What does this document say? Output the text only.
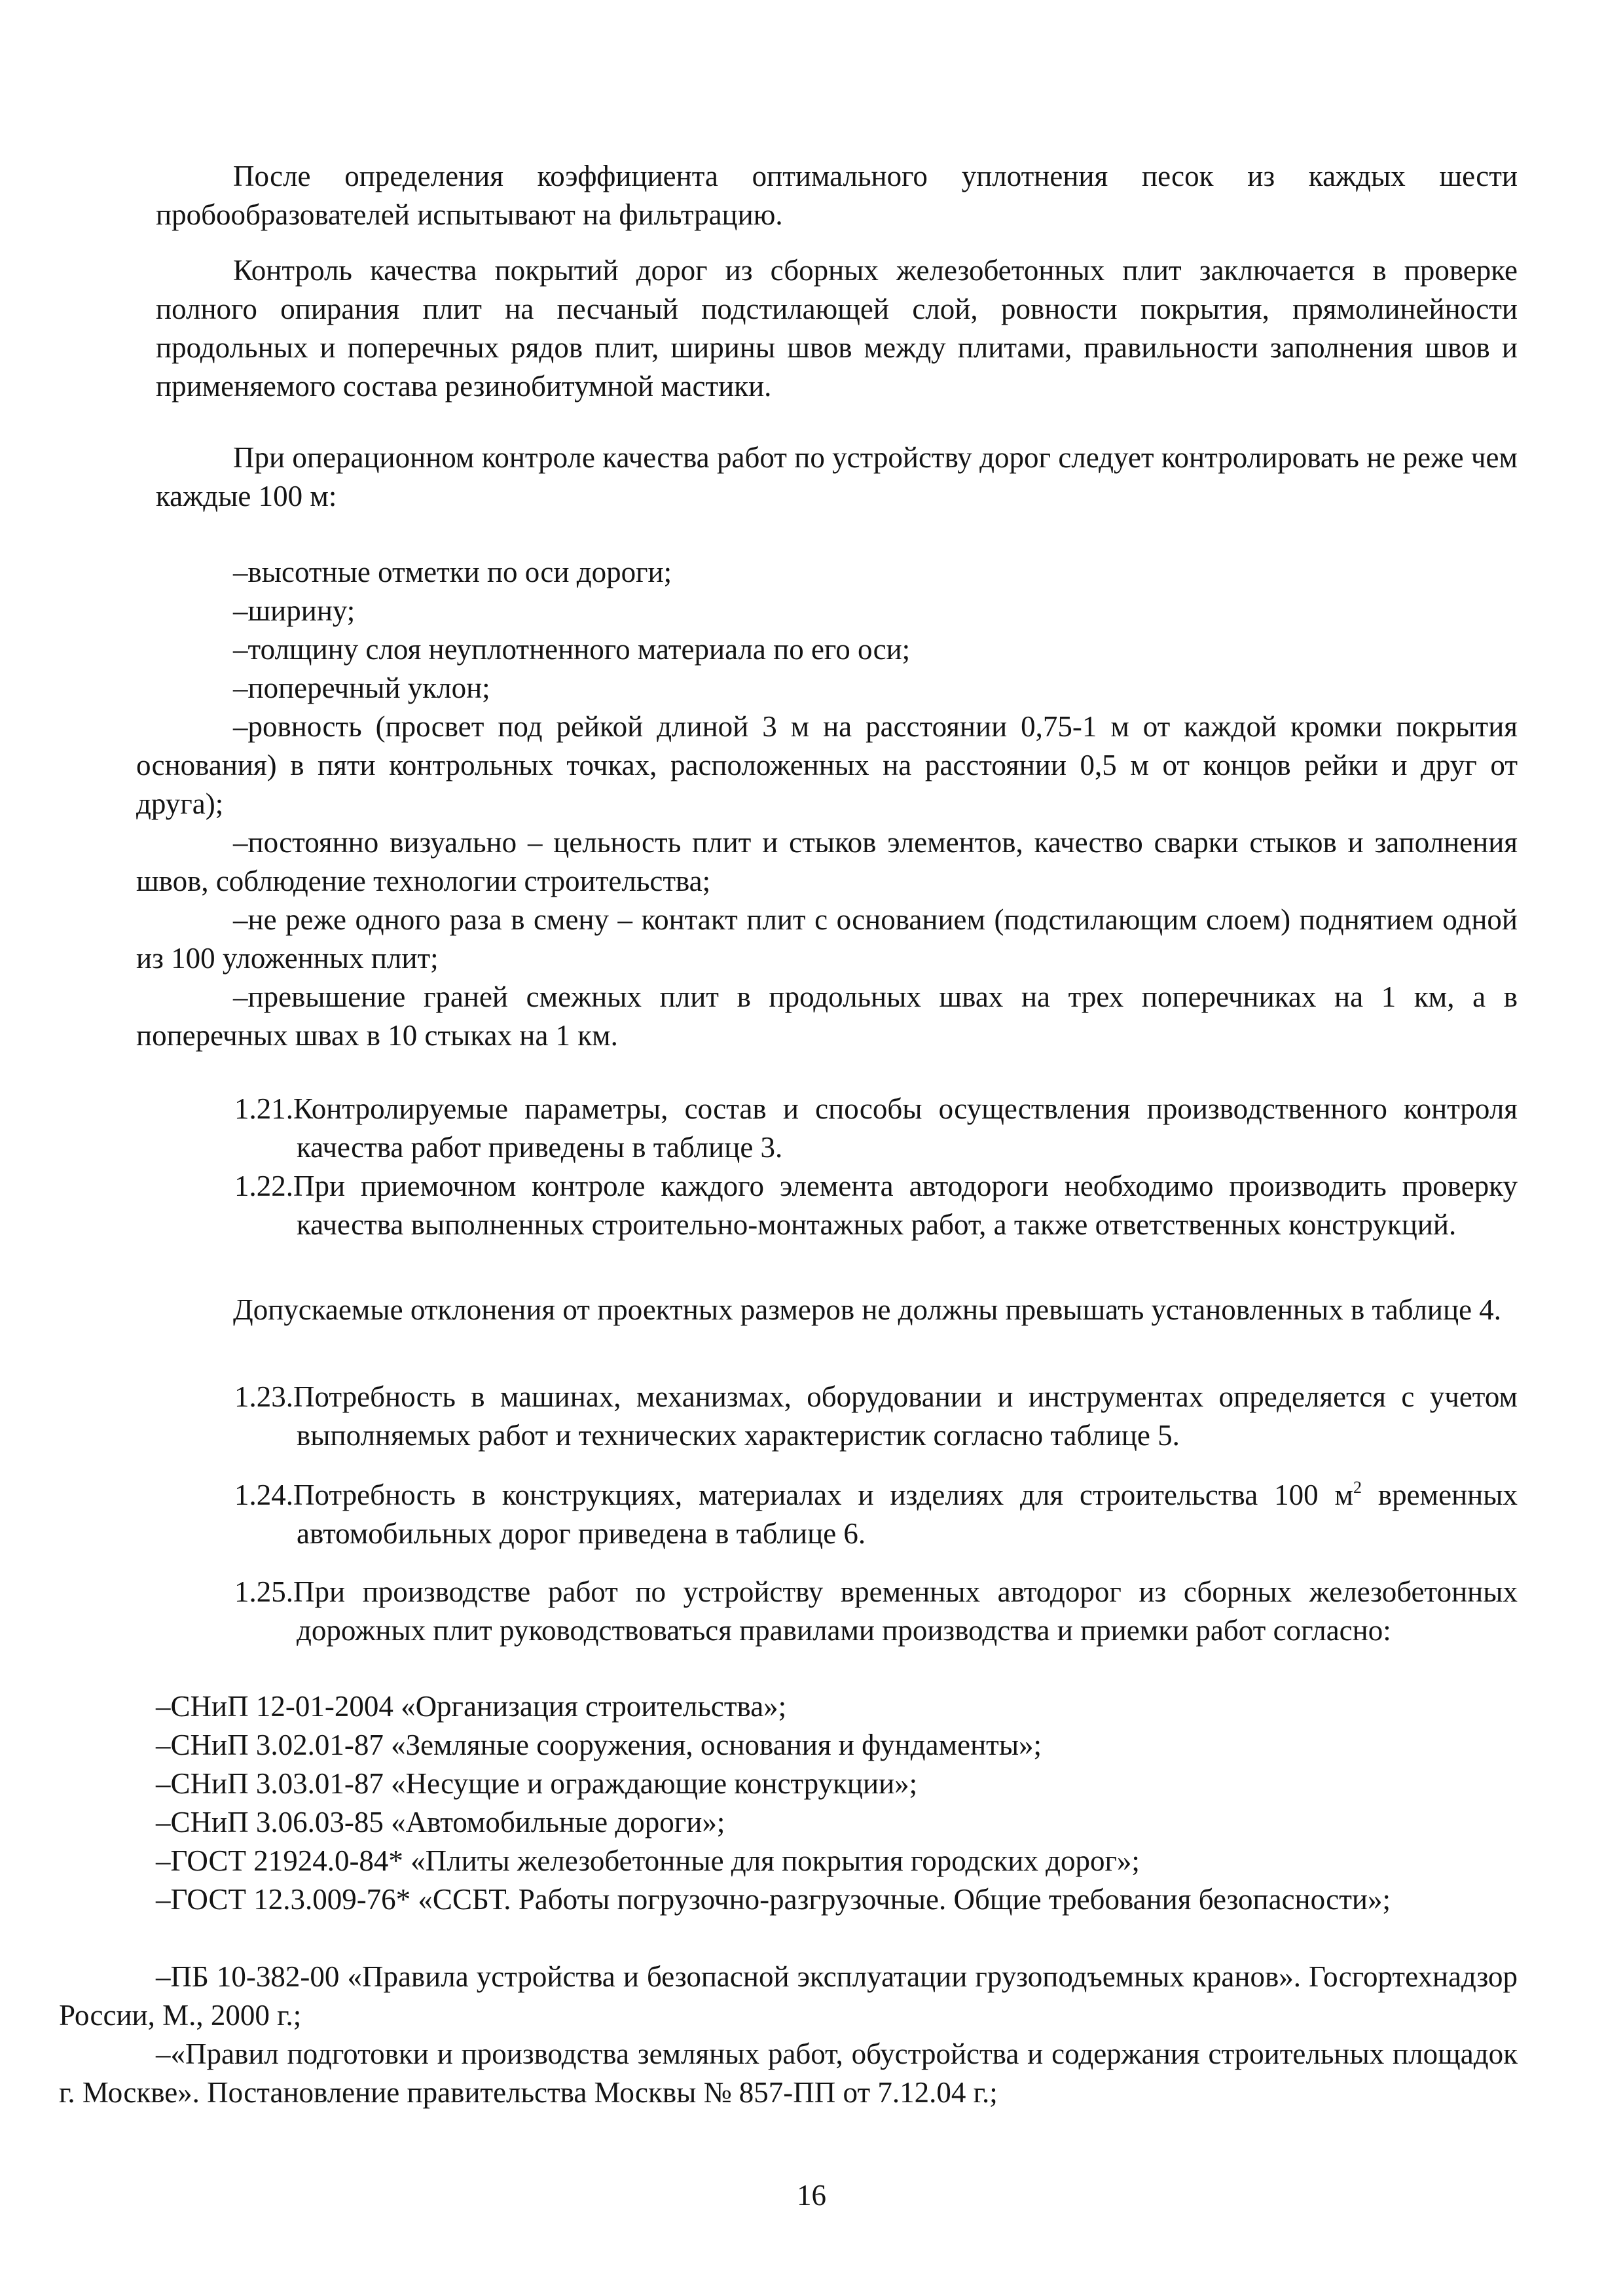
После определения коэффициента оптимального уплотнения песок из каждых шести пробообразователей испытывают на фильтрацию.

Контроль качества покрытий дорог из сборных железобетонных плит заключается в проверке полного опирания плит на песчаный подстилающей слой, ровности покрытия, прямолинейности продольных и поперечных рядов плит, ширины швов между плитами, правильности заполнения швов и применяемого состава резинобитумной мастики.

При операционном контроле качества работ по устройству дорог следует контролировать не реже чем каждые 100 м:

–высотные отметки по оси дороги;

–ширину;

–толщину слоя неуплотненного материала по его оси;

–поперечный уклон;

–ровность (просвет под рейкой длиной 3 м на расстоянии 0,75-1 м от каждой кромки покрытия основания) в пяти контрольных точках, расположенных на расстоянии 0,5 м от концов рейки и друг от друга);

–постоянно визуально – цельность плит и стыков элементов, качество сварки стыков и заполнения швов, соблюдение технологии строительства;

–не реже одного раза в смену – контакт плит с основанием (подстилающим слоем) поднятием одной из 100 уложенных плит;

–превышение граней смежных плит в продольных швах на трех поперечниках на 1 км, а в поперечных швах в 10 стыках на 1 км.

1.21.Контролируемые параметры, состав и способы осуществления производственного контроля качества работ приведены в таблице 3.

1.22.При приемочном контроле каждого элемента автодороги необходимо производить проверку качества выполненных строительно-монтажных работ, а также ответственных конструкций.

Допускаемые отклонения от проектных размеров не должны превышать установленных в таблице 4.

1.23.Потребность в машинах, механизмах, оборудовании и инструментах определяется с учетом выполняемых работ и технических характеристик согласно таблице 5.

1.24.Потребность в конструкциях, материалах и изделиях для строительства 100 $м^2$ временных автомобильных дорог приведена в таблице 6.

1.25.При производстве работ по устройству временных автодорог из сборных железобетонных дорожных плит руководствоваться правилами производства и приемки работ согласно:

–СНиП 12-01-2004 «Организация строительства»;

–СНиП 3.02.01-87 «Земляные сооружения, основания и фундаменты»;

–СНиП 3.03.01-87 «Несущие и ограждающие конструкции»;

–СНиП 3.06.03-85 «Автомобильные дороги»;

–ГОСТ 21924.0-84* «Плиты железобетонные для покрытия городских дорог»;

–ГОСТ 12.3.009-76* «ССБТ. Работы погрузочно-разгрузочные. Общие требования безопасности»;

–ПБ 10-382-00 «Правила устройства и безопасной эксплуатации грузоподъемных кранов». Госгортехнадзор России, М., 2000 г.;

–«Правил подготовки и производства земляных работ, обустройства и содержания строительных площадок г. Москве». Постановление правительства Москвы № 857-ПП от 7.12.04 г.;

16
